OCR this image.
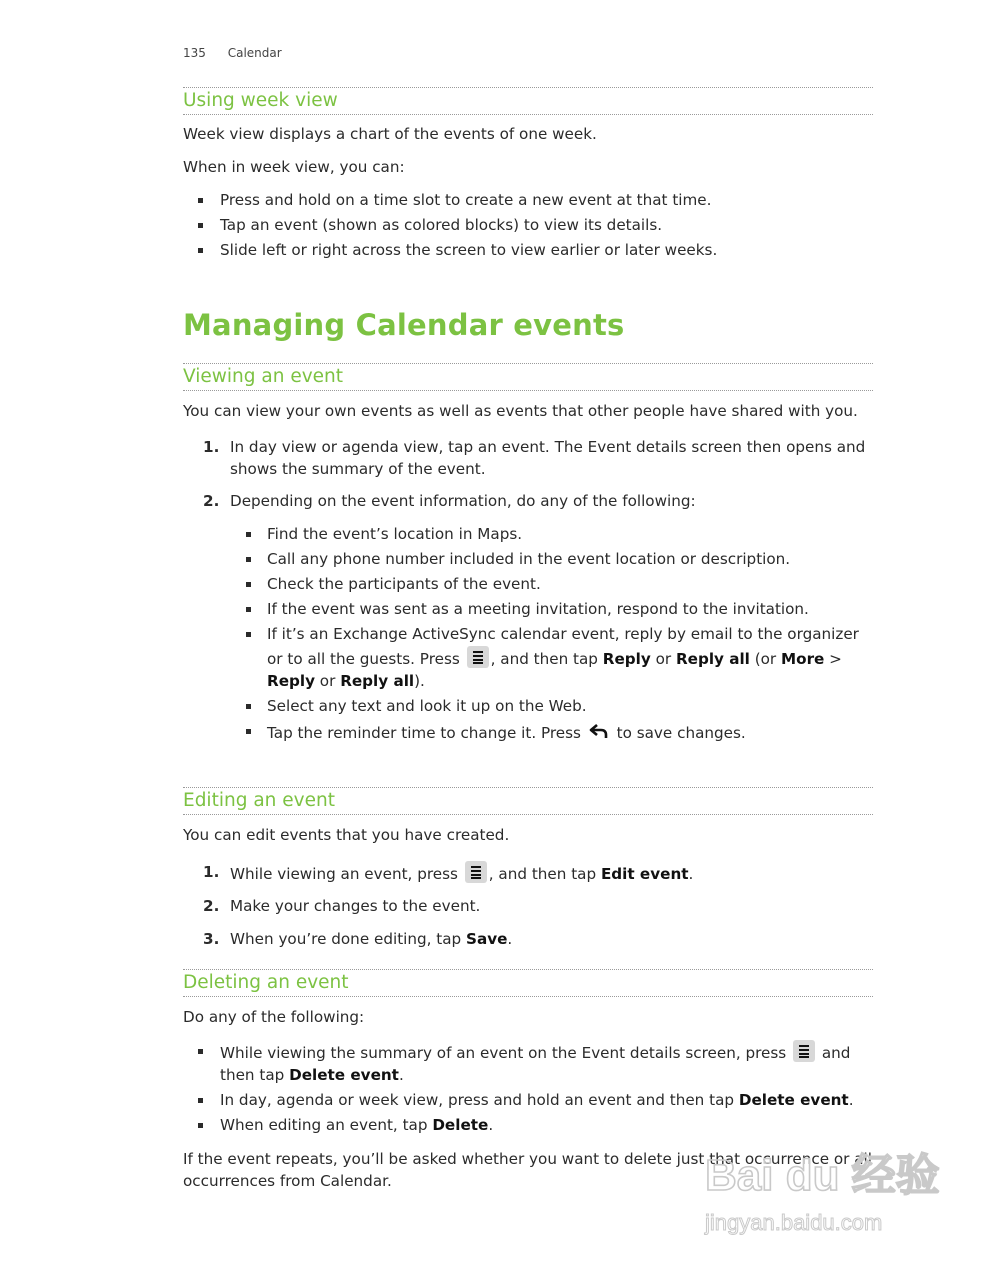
135 Calendar
Using week view

Week view displays a chart of the events of one week.

When in week view, you can:

Press and hold on a time slot to create a new event at that time.
Tap an event (shown as colored blocks) to view its details.
Slide left or right across the screen to view earlier or later weeks.
Managing Calendar events
Viewing an event

You can view your own events as well as events that other people have shared with you.

1. In day view or agenda view, tap an event. The Event details screen then opens and shows the summary of the event.
2. Depending on the event information, do any of the following:
Find the event’s location in Maps.
Call any phone number included in the event location or description.
Check the participants of the event.
If the event was sent as a meeting invitation, respond to the invitation.
If it’s an Exchange ActiveSync calendar event, reply by email to the organizer or to all the guests. Press , and then tap Reply or Reply all (or More > Reply or Reply all).
Select any text and look it up on the Web.
Tap the reminder time to change it. Press
to save changes.
Editing an event

You can edit events that you have created.

1. While viewing an event, press , and then tap Edit event.
2. Make your changes to the event.
3. When you’re done editing, tap Save.
Deleting an event

Do any of the following:

While viewing the summary of an event on the Event details screen, press  and then tap Delete event.
In day, agenda or week view, press and hold an event and then tap Delete event.
When editing an event, tap Delete.

If the event repeats, you’ll be asked whether you want to delete just that occurrence or all occurrences from Calendar.	Bai du 经验
jingyan.baidu.com
